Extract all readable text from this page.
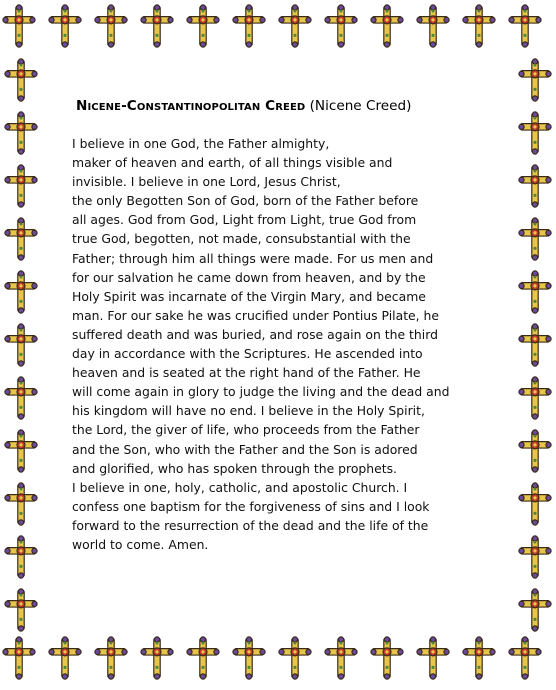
Nicene-Constantinopolitan Creed (Nicene Creed)
I believe in one God, the Father almighty,
maker of heaven and earth, of all things visible and
invisible. I believe in one Lord, Jesus Christ,
the only Begotten Son of God, born of the Father before
all ages. God from God, Light from Light, true God from
true God, begotten, not made, consubstantial with the
Father; through him all things were made. For us men and
for our salvation he came down from heaven, and by the
Holy Spirit was incarnate of the Virgin Mary, and became
man. For our sake he was crucified under Pontius Pilate, he
suffered death and was buried, and rose again on the third
day in accordance with the Scriptures. He ascended into
heaven and is seated at the right hand of the Father. He
will come again in glory to judge the living and the dead and
his kingdom will have no end. I believe in the Holy Spirit,
the Lord, the giver of life, who proceeds from the Father
and the Son, who with the Father and the Son is adored
and glorified, who has spoken through the prophets.
I believe in one, holy, catholic, and apostolic Church. I
confess one baptism for the forgiveness of sins and I look
forward to the resurrection of the dead and the life of the
world to come. Amen.
